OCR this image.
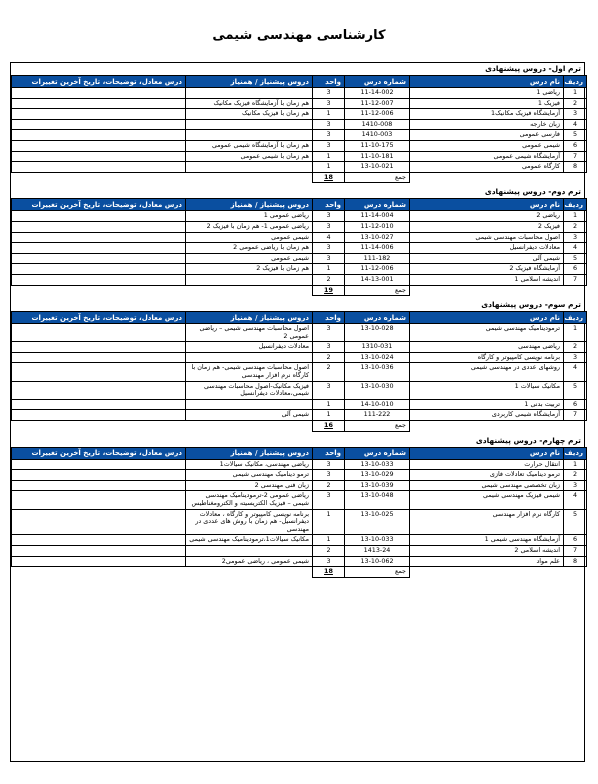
کارشناسی مهندسی شیمی
ترم اول- دروس پیشنهادی
ردیف	نام درس	شماره درس	واحد	دروس پیشنیاز / همنیاز	درس معادل، توضیحات، تاریخ آخرین تغییرات
1	ریاضی 1	11-14-002	3		
2	فیزیک 1	11-12-007	3	هم زمان با آزمایشگاه فیزیک مکانیک	
3	آزمایشگاه فیزیک مکانیک1	11-12-006	1	هم زمان با فیزیک مکانیک	
4	زبان خارجه	1410-008	3		
5	فارسی عمومی	1410-003	3		
6	شیمی عمومی	11-10-175	3	هم زمان با آزمایشگاه شیمی عمومی	
7	آزمایشگاه شیمی عمومی	11-10-181	1	هم زمان با شیمی عمومی	
8	کارگاه عمومی	13-10-021	1		
		جمع	18		
ترم دوم- دروس پیشنهادی
ردیف	نام درس	شماره درس	واحد	دروس پیشنیاز / همنیاز	درس معادل، توضیحات، تاریخ آخرین تغییرات
1	ریاضی 2	11-14-004	3	ریاضی عمومی 1	
2	فیزیک 2	11-12-010	3	ریاضی عمومی 1- هم زمان با فیزیک 2	
3	اصول محاسبات مهندسی شیمی	13-10-027	4	شیمی عمومی	
4	معادلات دیفرانسیل	11-14-006	3	هم زمان با ریاضی عمومی 2	
5	شیمی آلی	111-182	3	شیمی عمومی	
6	آزمایشگاه فیزیک 2	11-12-006	1	هم زمان با فیزیک 2	
7	اندیشه اسلامی 1	14-13-001	2		
		جمع	19		
ترم سوم- دروس پیشنهادی
ردیف	نام درس	شماره درس	واحد	دروس پیشنیاز / همنیاز	درس معادل، توضیحات، تاریخ آخرین تغییرات
1	ترمودینامیک مهندسی شیمی	13-10-028	3	اصول محاسبات مهندسی شیمی – ریاضی عمومی 2	
2	ریاضی مهندسی	1310-031	3	معادلات دیفرانسیل	
3	برنامه نویسی کامپیوتر و کارگاه	13-10-024	2		
4	روشهای عددی در مهندسی شیمی	13-10-036	2	اصول محاسبات مهندسی شیمی- هم زمان با کارگاه نرم افزار مهندسی	
5	مکانیک سیالات 1	13-10-030	3	فیزیک مکانیک-اصول محاسبات مهندسی شیمی،معادلات دیفرانسیل	
6	تربیت بدنی 1	14-10-010	1		
7	آزمایشگاه شیمی کاربردی	111-222	1	شیمی آلی	
		جمع	16		
ترم چهارم- دروس پیشنهادی
ردیف	نام درس	شماره درس	واحد	دروس پیشنیاز / همنیاز	درس معادل، توضیحات، تاریخ آخرین تغییرات
1	انتقال حرارت	13-10-033	3	ریاضی مهندسی، مکانیک سیالات1	
2	ترمو دینامیک تعادلات فازی	13-10-029	3	ترمو دینامیک مهندسی شیمی	
3	زبان تخصصی مهندسی شیمی	13-10-039	2	زبان فنی مهندسی 2	
4	شیمی فیزیک مهندسی شیمی	13-10-048	3	ریاضی عمومی 2-ترمودینامیک مهندسی شیمی – فیزیک الکتریسیته و الکترومغناطیس	
5	کارگاه نرم افزار مهندسی	13-10-025	1	برنامه نویسی کامپیوتر و کارگاه ، معادلات دیفرانسیل- هم زمان با روش های عددی در مهندسی	
6	آزمایشگاه مهندسی شیمی 1	13-10-033	1	مکانیک سیالات1،ترمودینامیک مهندسی شیمی	
7	اندیشه اسلامی 2	1413-24	2		
8	علم مواد	13-10-062	3	شیمی عمومی ، ریاضی عمومی2	
		جمع	18		
